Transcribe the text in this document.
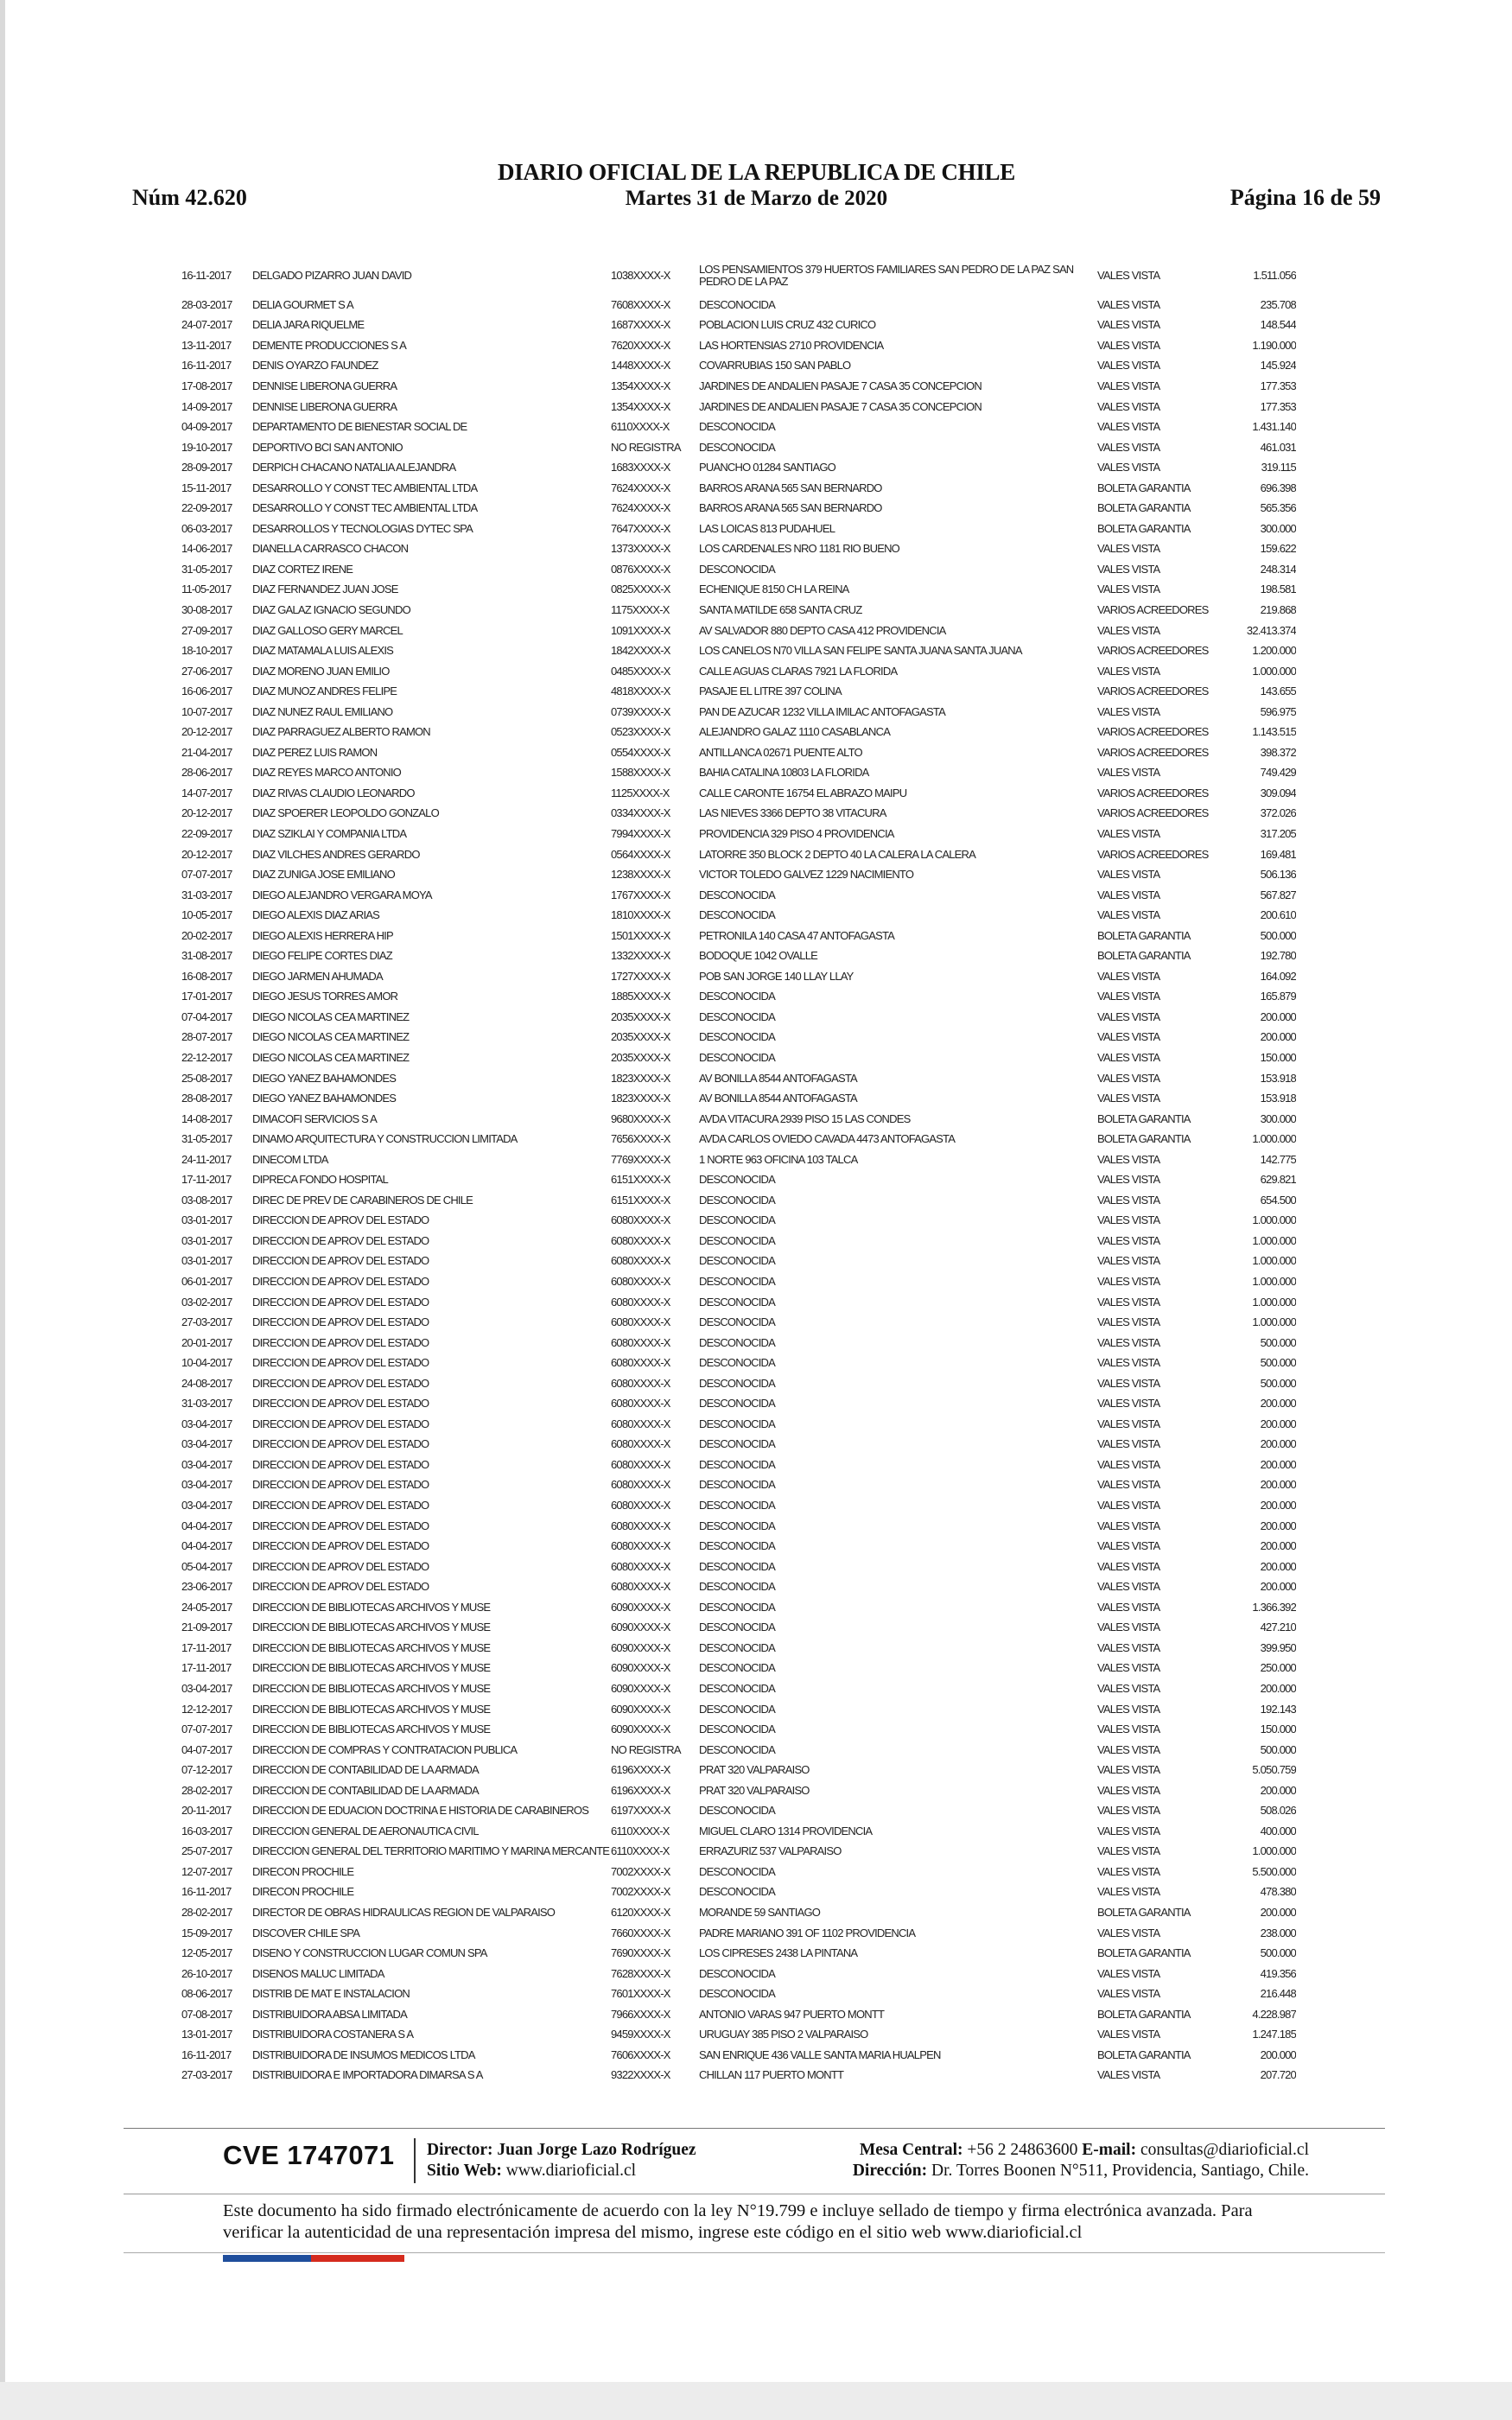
DIARIO OFICIAL DE LA REPUBLICA DE CHILE
Núm 42.620	Martes 31 de Marzo de 2020	Página 16 de 59
16-11-2017	DELGADO PIZARRO JUAN DAVID	1038XXXX-X	LOS PENSAMIENTOS 379 HUERTOS FAMILIARES SAN PEDRO DE LA PAZ SAN PEDRO DE LA PAZ	VALES VISTA	1.511.056
28-03-2017	DELIA GOURMET S A	7608XXXX-X	DESCONOCIDA	VALES VISTA	235.708
24-07-2017	DELIA JARA RIQUELME	1687XXXX-X	POBLACION LUIS CRUZ 432 CURICO	VALES VISTA	148.544
13-11-2017	DEMENTE PRODUCCIONES S A	7620XXXX-X	LAS HORTENSIAS 2710 PROVIDENCIA	VALES VISTA	1.190.000
16-11-2017	DENIS OYARZO FAUNDEZ	1448XXXX-X	COVARRUBIAS 150 SAN PABLO	VALES VISTA	145.924
17-08-2017	DENNISE LIBERONA GUERRA	1354XXXX-X	JARDINES DE ANDALIEN PASAJE 7 CASA 35 CONCEPCION	VALES VISTA	177.353
14-09-2017	DENNISE LIBERONA GUERRA	1354XXXX-X	JARDINES DE ANDALIEN PASAJE 7 CASA 35 CONCEPCION	VALES VISTA	177.353
04-09-2017	DEPARTAMENTO DE BIENESTAR SOCIAL DE	6110XXXX-X	DESCONOCIDA	VALES VISTA	1.431.140
19-10-2017	DEPORTIVO BCI SAN ANTONIO	NO REGISTRA	DESCONOCIDA	VALES VISTA	461.031
28-09-2017	DERPICH CHACANO NATALIA ALEJANDRA	1683XXXX-X	PUANCHO 01284 SANTIAGO	VALES VISTA	319.115
15-11-2017	DESARROLLO Y CONST TEC AMBIENTAL LTDA	7624XXXX-X	BARROS ARANA 565 SAN BERNARDO	BOLETA GARANTIA	696.398
22-09-2017	DESARROLLO Y CONST TEC AMBIENTAL LTDA	7624XXXX-X	BARROS ARANA 565 SAN BERNARDO	BOLETA GARANTIA	565.356
06-03-2017	DESARROLLOS Y TECNOLOGIAS DYTEC SPA	7647XXXX-X	LAS LOICAS 813 PUDAHUEL	BOLETA GARANTIA	300.000
14-06-2017	DIANELLA CARRASCO CHACON	1373XXXX-X	LOS CARDENALES NRO 1181 RIO BUENO	VALES VISTA	159.622
31-05-2017	DIAZ CORTEZ IRENE	0876XXXX-X	DESCONOCIDA	VALES VISTA	248.314
11-05-2017	DIAZ FERNANDEZ JUAN JOSE	0825XXXX-X	ECHENIQUE 8150 CH LA REINA	VALES VISTA	198.581
30-08-2017	DIAZ GALAZ IGNACIO SEGUNDO	1175XXXX-X	SANTA MATILDE 658 SANTA CRUZ	VARIOS ACREEDORES	219.868
27-09-2017	DIAZ GALLOSO GERY MARCEL	1091XXXX-X	AV SALVADOR 880 DEPTO CASA 412 PROVIDENCIA	VALES VISTA	32.413.374
18-10-2017	DIAZ MATAMALA LUIS ALEXIS	1842XXXX-X	LOS CANELOS N70 VILLA SAN FELIPE SANTA JUANA SANTA JUANA	VARIOS ACREEDORES	1.200.000
27-06-2017	DIAZ MORENO JUAN EMILIO	0485XXXX-X	CALLE AGUAS CLARAS 7921 LA FLORIDA	VALES VISTA	1.000.000
16-06-2017	DIAZ MUNOZ ANDRES FELIPE	4818XXXX-X	PASAJE EL LITRE 397 COLINA	VARIOS ACREEDORES	143.655
10-07-2017	DIAZ NUNEZ RAUL EMILIANO	0739XXXX-X	PAN DE AZUCAR 1232 VILLA IMILAC ANTOFAGASTA	VALES VISTA	596.975
20-12-2017	DIAZ PARRAGUEZ ALBERTO RAMON	0523XXXX-X	ALEJANDRO GALAZ 1110 CASABLANCA	VARIOS ACREEDORES	1.143.515
21-04-2017	DIAZ PEREZ LUIS RAMON	0554XXXX-X	ANTILLANCA 02671 PUENTE ALTO	VARIOS ACREEDORES	398.372
28-06-2017	DIAZ REYES MARCO ANTONIO	1588XXXX-X	BAHIA CATALINA 10803 LA FLORIDA	VALES VISTA	749.429
14-07-2017	DIAZ RIVAS CLAUDIO LEONARDO	1125XXXX-X	CALLE CARONTE 16754 EL ABRAZO MAIPU	VARIOS ACREEDORES	309.094
20-12-2017	DIAZ SPOERER LEOPOLDO GONZALO	0334XXXX-X	LAS NIEVES 3366 DEPTO 38 VITACURA	VARIOS ACREEDORES	372.026
22-09-2017	DIAZ SZIKLAI Y COMPANIA LTDA	7994XXXX-X	PROVIDENCIA 329 PISO 4 PROVIDENCIA	VALES VISTA	317.205
20-12-2017	DIAZ VILCHES ANDRES GERARDO	0564XXXX-X	LATORRE 350 BLOCK 2 DEPTO 40 LA CALERA LA CALERA	VARIOS ACREEDORES	169.481
07-07-2017	DIAZ ZUNIGA JOSE EMILIANO	1238XXXX-X	VICTOR TOLEDO GALVEZ 1229 NACIMIENTO	VALES VISTA	506.136
31-03-2017	DIEGO ALEJANDRO VERGARA MOYA	1767XXXX-X	DESCONOCIDA	VALES VISTA	567.827
10-05-2017	DIEGO ALEXIS DIAZ ARIAS	1810XXXX-X	DESCONOCIDA	VALES VISTA	200.610
20-02-2017	DIEGO ALEXIS HERRERA HIP	1501XXXX-X	PETRONILA 140 CASA 47 ANTOFAGASTA	BOLETA GARANTIA	500.000
31-08-2017	DIEGO FELIPE CORTES DIAZ	1332XXXX-X	BODOQUE 1042 OVALLE	BOLETA GARANTIA	192.780
16-08-2017	DIEGO JARMEN AHUMADA	1727XXXX-X	POB SAN JORGE 140 LLAY LLAY	VALES VISTA	164.092
17-01-2017	DIEGO JESUS TORRES AMOR	1885XXXX-X	DESCONOCIDA	VALES VISTA	165.879
07-04-2017	DIEGO NICOLAS CEA MARTINEZ	2035XXXX-X	DESCONOCIDA	VALES VISTA	200.000
28-07-2017	DIEGO NICOLAS CEA MARTINEZ	2035XXXX-X	DESCONOCIDA	VALES VISTA	200.000
22-12-2017	DIEGO NICOLAS CEA MARTINEZ	2035XXXX-X	DESCONOCIDA	VALES VISTA	150.000
25-08-2017	DIEGO YANEZ BAHAMONDES	1823XXXX-X	AV BONILLA 8544 ANTOFAGASTA	VALES VISTA	153.918
28-08-2017	DIEGO YANEZ BAHAMONDES	1823XXXX-X	AV BONILLA 8544 ANTOFAGASTA	VALES VISTA	153.918
14-08-2017	DIMACOFI SERVICIOS S A	9680XXXX-X	AVDA VITACURA 2939 PISO 15 LAS CONDES	BOLETA GARANTIA	300.000
31-05-2017	DINAMO ARQUITECTURA Y CONSTRUCCION LIMITADA	7656XXXX-X	AVDA CARLOS OVIEDO CAVADA 4473 ANTOFAGASTA	BOLETA GARANTIA	1.000.000
24-11-2017	DINECOM LTDA	7769XXXX-X	1 NORTE 963 OFICINA 103 TALCA	VALES VISTA	142.775
17-11-2017	DIPRECA FONDO HOSPITAL	6151XXXX-X	DESCONOCIDA	VALES VISTA	629.821
03-08-2017	DIREC DE PREV DE CARABINEROS DE CHILE	6151XXXX-X	DESCONOCIDA	VALES VISTA	654.500
03-01-2017	DIRECCION DE APROV DEL ESTADO	6080XXXX-X	DESCONOCIDA	VALES VISTA	1.000.000
03-01-2017	DIRECCION DE APROV DEL ESTADO	6080XXXX-X	DESCONOCIDA	VALES VISTA	1.000.000
03-01-2017	DIRECCION DE APROV DEL ESTADO	6080XXXX-X	DESCONOCIDA	VALES VISTA	1.000.000
06-01-2017	DIRECCION DE APROV DEL ESTADO	6080XXXX-X	DESCONOCIDA	VALES VISTA	1.000.000
03-02-2017	DIRECCION DE APROV DEL ESTADO	6080XXXX-X	DESCONOCIDA	VALES VISTA	1.000.000
27-03-2017	DIRECCION DE APROV DEL ESTADO	6080XXXX-X	DESCONOCIDA	VALES VISTA	1.000.000
20-01-2017	DIRECCION DE APROV DEL ESTADO	6080XXXX-X	DESCONOCIDA	VALES VISTA	500.000
10-04-2017	DIRECCION DE APROV DEL ESTADO	6080XXXX-X	DESCONOCIDA	VALES VISTA	500.000
24-08-2017	DIRECCION DE APROV DEL ESTADO	6080XXXX-X	DESCONOCIDA	VALES VISTA	500.000
31-03-2017	DIRECCION DE APROV DEL ESTADO	6080XXXX-X	DESCONOCIDA	VALES VISTA	200.000
03-04-2017	DIRECCION DE APROV DEL ESTADO	6080XXXX-X	DESCONOCIDA	VALES VISTA	200.000
03-04-2017	DIRECCION DE APROV DEL ESTADO	6080XXXX-X	DESCONOCIDA	VALES VISTA	200.000
03-04-2017	DIRECCION DE APROV DEL ESTADO	6080XXXX-X	DESCONOCIDA	VALES VISTA	200.000
03-04-2017	DIRECCION DE APROV DEL ESTADO	6080XXXX-X	DESCONOCIDA	VALES VISTA	200.000
03-04-2017	DIRECCION DE APROV DEL ESTADO	6080XXXX-X	DESCONOCIDA	VALES VISTA	200.000
04-04-2017	DIRECCION DE APROV DEL ESTADO	6080XXXX-X	DESCONOCIDA	VALES VISTA	200.000
04-04-2017	DIRECCION DE APROV DEL ESTADO	6080XXXX-X	DESCONOCIDA	VALES VISTA	200.000
05-04-2017	DIRECCION DE APROV DEL ESTADO	6080XXXX-X	DESCONOCIDA	VALES VISTA	200.000
23-06-2017	DIRECCION DE APROV DEL ESTADO	6080XXXX-X	DESCONOCIDA	VALES VISTA	200.000
24-05-2017	DIRECCION DE BIBLIOTECAS ARCHIVOS Y MUSE	6090XXXX-X	DESCONOCIDA	VALES VISTA	1.366.392
21-09-2017	DIRECCION DE BIBLIOTECAS ARCHIVOS Y MUSE	6090XXXX-X	DESCONOCIDA	VALES VISTA	427.210
17-11-2017	DIRECCION DE BIBLIOTECAS ARCHIVOS Y MUSE	6090XXXX-X	DESCONOCIDA	VALES VISTA	399.950
17-11-2017	DIRECCION DE BIBLIOTECAS ARCHIVOS Y MUSE	6090XXXX-X	DESCONOCIDA	VALES VISTA	250.000
03-04-2017	DIRECCION DE BIBLIOTECAS ARCHIVOS Y MUSE	6090XXXX-X	DESCONOCIDA	VALES VISTA	200.000
12-12-2017	DIRECCION DE BIBLIOTECAS ARCHIVOS Y MUSE	6090XXXX-X	DESCONOCIDA	VALES VISTA	192.143
07-07-2017	DIRECCION DE BIBLIOTECAS ARCHIVOS Y MUSE	6090XXXX-X	DESCONOCIDA	VALES VISTA	150.000
04-07-2017	DIRECCION DE COMPRAS Y CONTRATACION PUBLICA	NO REGISTRA	DESCONOCIDA	VALES VISTA	500.000
07-12-2017	DIRECCION DE CONTABILIDAD DE LA ARMADA	6196XXXX-X	PRAT 320 VALPARAISO	VALES VISTA	5.050.759
28-02-2017	DIRECCION DE CONTABILIDAD DE LA ARMADA	6196XXXX-X	PRAT 320 VALPARAISO	VALES VISTA	200.000
20-11-2017	DIRECCION DE EDUACION DOCTRINA E HISTORIA DE CARABINEROS	6197XXXX-X	DESCONOCIDA	VALES VISTA	508.026
16-03-2017	DIRECCION GENERAL DE AERONAUTICA CIVIL	6110XXXX-X	MIGUEL CLARO 1314 PROVIDENCIA	VALES VISTA	400.000
25-07-2017	DIRECCION GENERAL DEL TERRITORIO MARITIMO Y MARINA MERCANTE	6110XXXX-X	ERRAZURIZ 537 VALPARAISO	VALES VISTA	1.000.000
12-07-2017	DIRECON PROCHILE	7002XXXX-X	DESCONOCIDA	VALES VISTA	5.500.000
16-11-2017	DIRECON PROCHILE	7002XXXX-X	DESCONOCIDA	VALES VISTA	478.380
28-02-2017	DIRECTOR DE OBRAS HIDRAULICAS REGION DE VALPARAISO	6120XXXX-X	MORANDE 59 SANTIAGO	BOLETA GARANTIA	200.000
15-09-2017	DISCOVER CHILE SPA	7660XXXX-X	PADRE MARIANO 391 OF 1102 PROVIDENCIA	VALES VISTA	238.000
12-05-2017	DISENO Y CONSTRUCCION LUGAR COMUN SPA	7690XXXX-X	LOS CIPRESES 2438 LA PINTANA	BOLETA GARANTIA	500.000
26-10-2017	DISENOS MALUC LIMITADA	7628XXXX-X	DESCONOCIDA	VALES VISTA	419.356
08-06-2017	DISTRIB DE MAT E INSTALACION	7601XXXX-X	DESCONOCIDA	VALES VISTA	216.448
07-08-2017	DISTRIBUIDORA ABSA LIMITADA	7966XXXX-X	ANTONIO VARAS 947 PUERTO MONTT	BOLETA GARANTIA	4.228.987
13-01-2017	DISTRIBUIDORA COSTANERA S A	9459XXXX-X	URUGUAY 385 PISO 2 VALPARAISO	VALES VISTA	1.247.185
16-11-2017	DISTRIBUIDORA DE INSUMOS MEDICOS LTDA	7606XXXX-X	SAN ENRIQUE 436 VALLE SANTA MARIA HUALPEN	BOLETA GARANTIA	200.000
27-03-2017	DISTRIBUIDORA E IMPORTADORA DIMARSA S A	9322XXXX-X	CHILLAN 117 PUERTO MONTT	VALES VISTA	207.720
CVE 1747071 Director: Juan Jorge Lazo Rodríguez
Sitio Web: www.diarioficial.cl
Mesa Central: +56 2 24863600 E-mail: consultas@diarioficial.cl
Dirección: Dr. Torres Boonen N°511, Providencia, Santiago, Chile.
Este documento ha sido firmado electrónicamente de acuerdo con la ley N°19.799 e incluye sellado de tiempo y firma electrónica avanzada. Para verificar la autenticidad de una representación impresa del mismo, ingrese este código en el sitio web www.diarioficial.cl
